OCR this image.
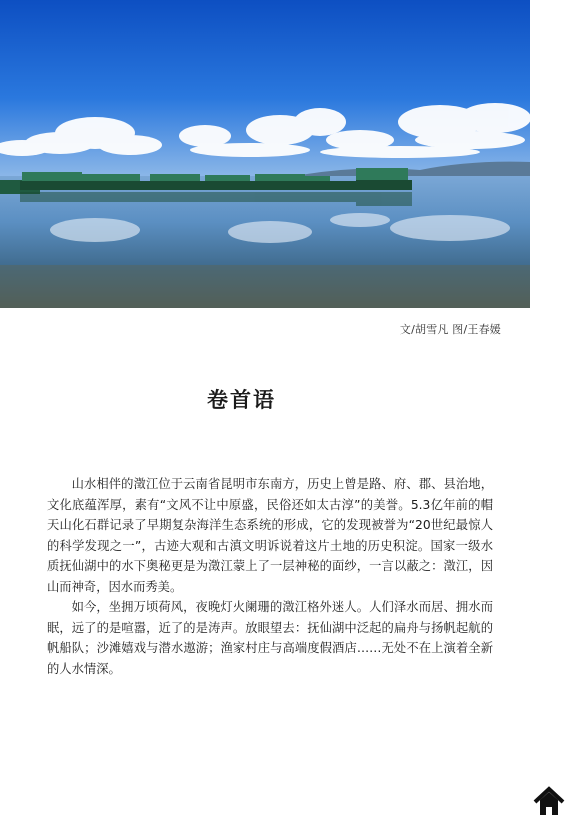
文/胡雪凡 图/王春媛
卷首语

山水相伴的澂江位于云南省昆明市东南方，历史上曾是路、府、郡、县治地，文化底蕴浑厚，素有“文风不让中原盛，民俗还如太古淳”的美誉。5.3亿年前的帽天山化石群记录了早期复杂海洋生态系统的形成，它的发现被誉为“20世纪最惊人的科学发现之一”，古迹大观和古滇文明诉说着这片土地的历史积淀。国家一级水质抚仙湖中的水下奥秘更是为澂江蒙上了一层神秘的面纱，一言以蔽之：澂江，因山而神奇，因水而秀美。

如今，坐拥万顷荷风，夜晚灯火阑珊的澂江格外迷人。人们泽水而居、拥水而眠，远了的是喧嚣，近了的是涛声。放眼望去：抚仙湖中泛起的扁舟与扬帆起航的帆船队；沙滩嬉戏与潜水遨游；渔家村庄与高端度假酒店……无处不在上演着全新的人水情深。
